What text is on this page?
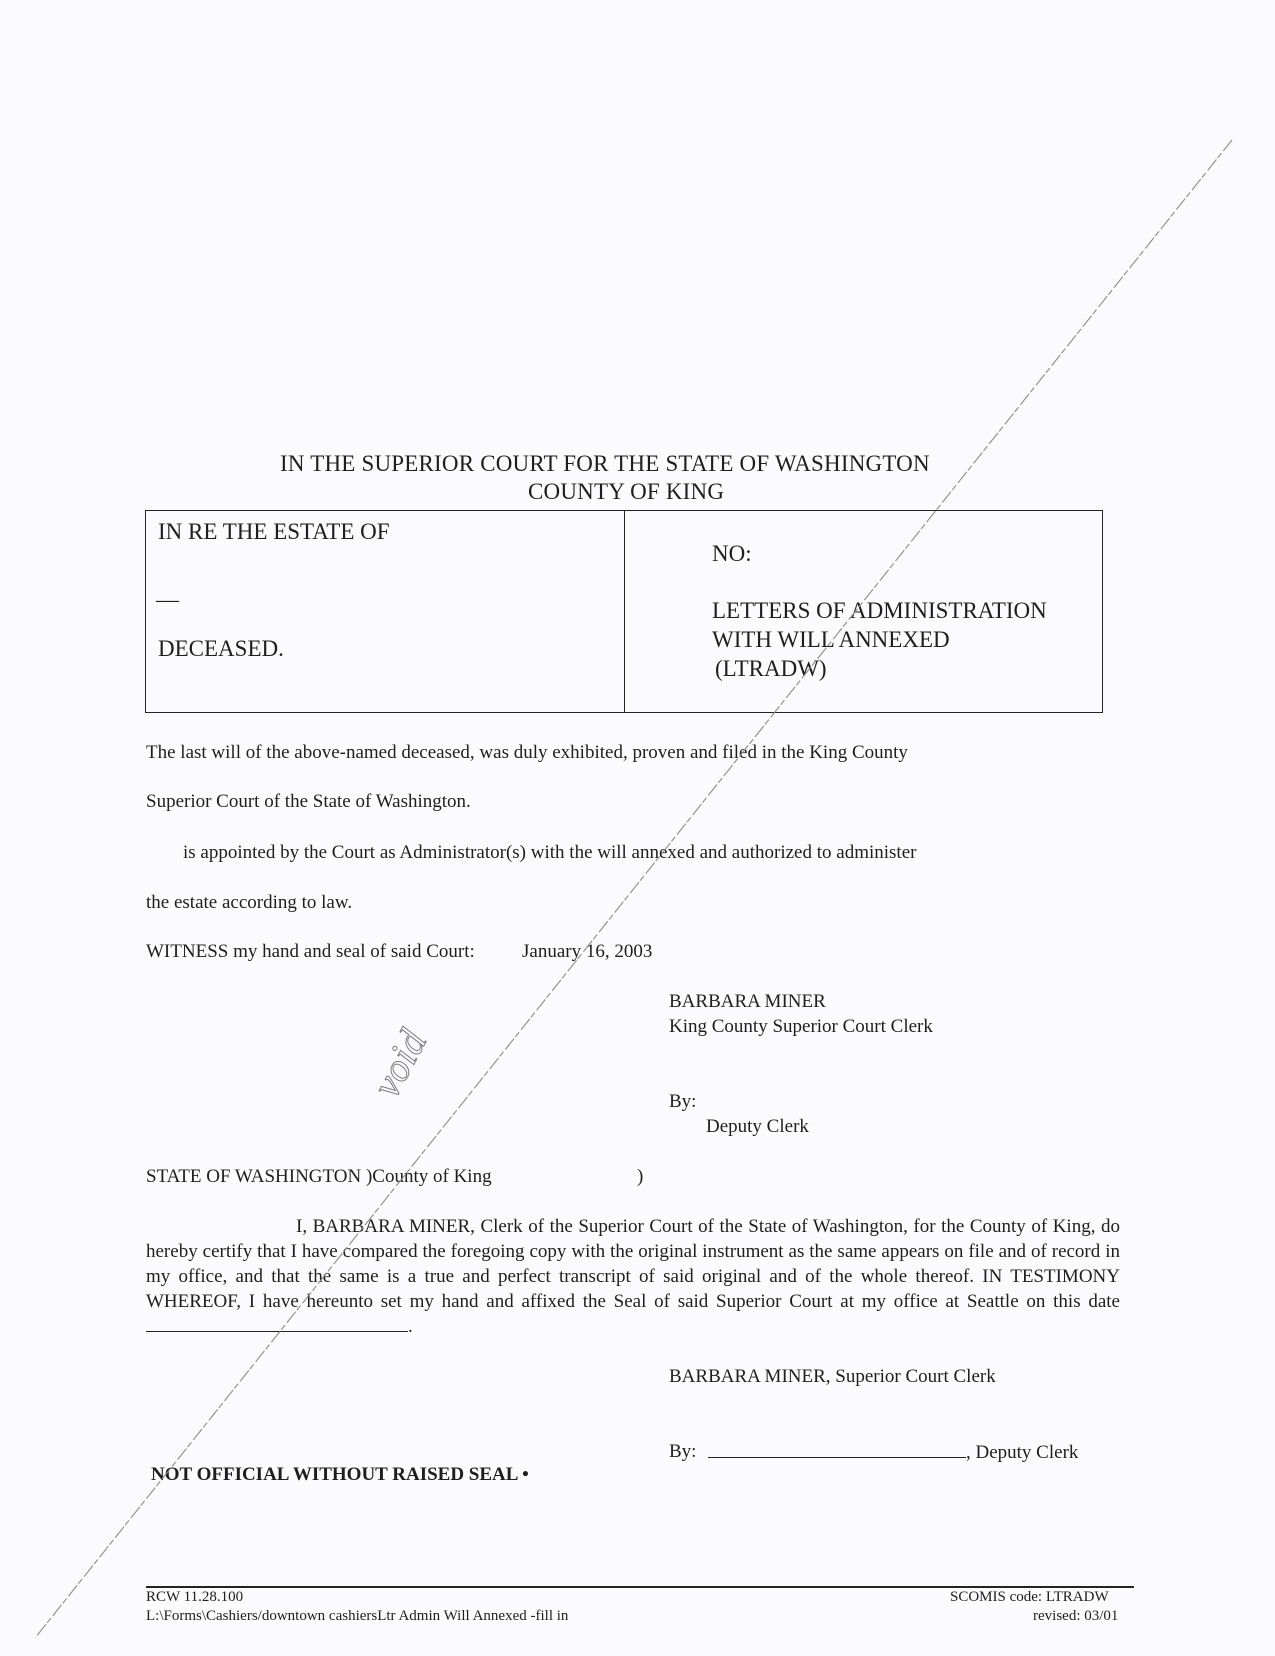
IN THE SUPERIOR COURT FOR THE STATE OF WASHINGTON
COUNTY OF KING
IN RE THE ESTATE OF
—
DECEASED.
NO:
LETTERS OF ADMINISTRATION
WITH WILL ANNEXED
(LTRADW)
The last will of the above-named deceased, was duly exhibited, proven and filed in the King County
Superior Court of the State of Washington.
is appointed by the Court as Administrator(s) with the will annexed and authorized to administer
the estate according to law.
WITNESS my hand and seal of said Court: January 16, 2003
BARBARA MINER
King County Superior Court Clerk
By:
Deputy Clerk
STATE OF WASHINGTON )County of King	)
I, BARBARA MINER, Clerk of the Superior Court of the State of Washington, for the County of King, do hereby certify that I have compared the foregoing copy with the original instrument as the same appears on file and of record in my office, and that the same is a true and perfect transcript of said original and of the whole thereof. IN TESTIMONY WHEREOF, I have hereunto set my hand and affixed the Seal of said Superior Court at my office at Seattle on this date .
BARBARA MINER, Superior Court Clerk
By:	, Deputy Clerk
NOT OFFICIAL WITHOUT RAISED SEAL •
RCW 11.28.100
L:\Forms\Cashiers/downtown cashiersLtr Admin Will Annexed -fill in
SCOMIS code: LTRADW
revised: 03/01
void
